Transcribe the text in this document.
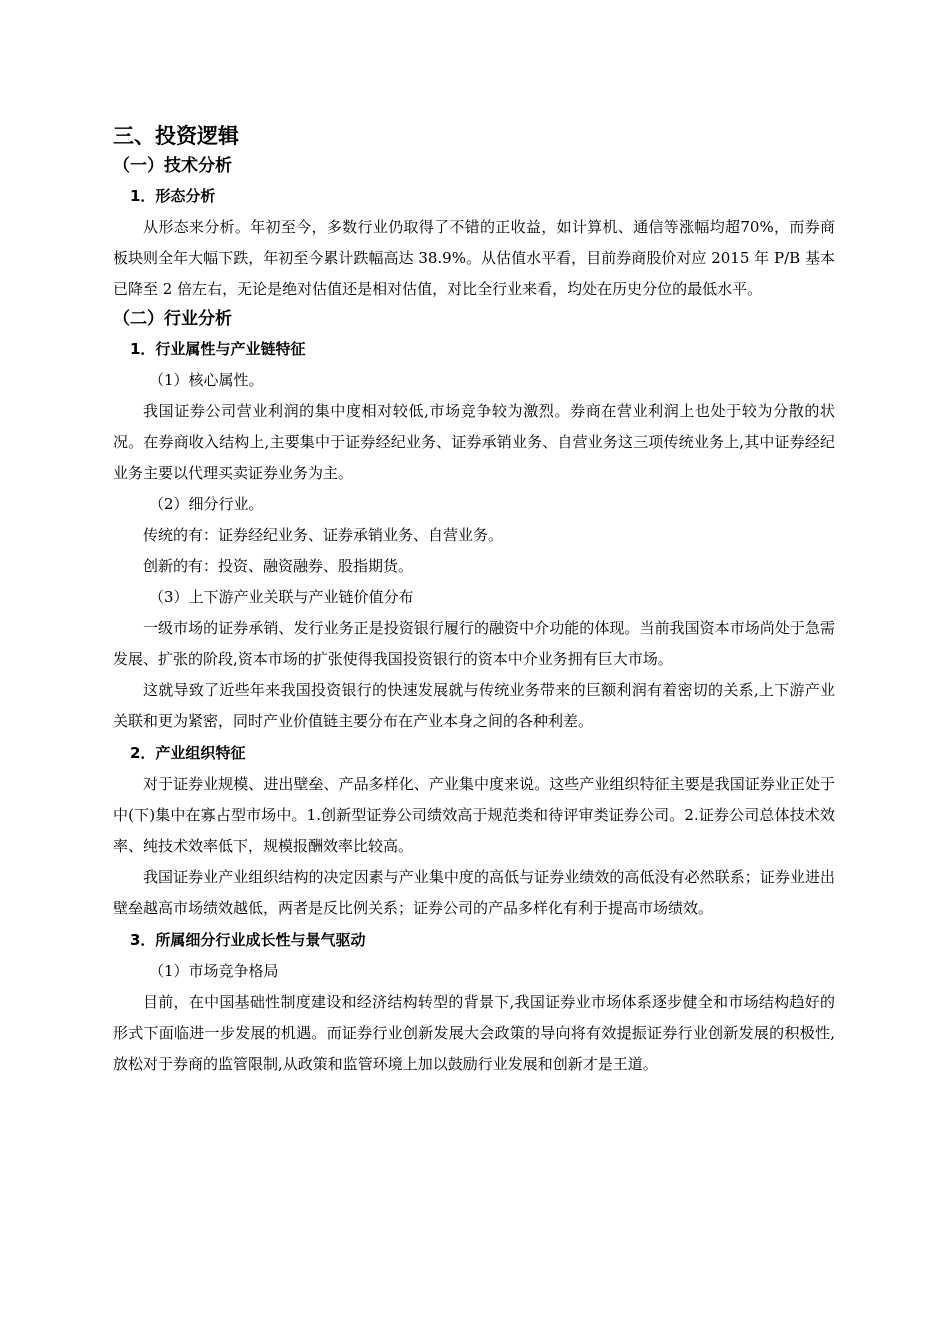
三、投资逻辑
（一）技术分析
1．形态分析

从形态来分析。年初至今，多数行业仍取得了不错的正收益，如计算机、通信等涨幅均超70%，而券商板块则全年大幅下跌，年初至今累计跌幅高达 38.9%。从估值水平看，目前券商股价对应 2015 年 P/B 基本已降至 2 倍左右，无论是绝对估值还是相对估值，对比全行业来看，均处在历史分位的最低水平。

（二）行业分析
1．行业属性与产业链特征
（1）核心属性。

我国证券公司营业利润的集中度相对较低,市场竞争较为激烈。券商在营业利润上也处于较为分散的状况。在券商收入结构上,主要集中于证券经纪业务、证券承销业务、自营业务这三项传统业务上,其中证券经纪业务主要以代理买卖证券业务为主。

（2）细分行业。
传统的有：证券经纪业务、证券承销业务、自营业务。
创新的有：投资、融资融券、股指期货。
（3）上下游产业关联与产业链价值分布

一级市场的证券承销、发行业务正是投资银行履行的融资中介功能的体现。当前我国资本市场尚处于急需发展、扩张的阶段,资本市场的扩张使得我国投资银行的资本中介业务拥有巨大市场。

这就导致了近些年来我国投资银行的快速发展就与传统业务带来的巨额利润有着密切的关系,上下游产业关联和更为紧密，同时产业价值链主要分布在产业本身之间的各种利差。

2．产业组织特征

对于证券业规模、进出壁垒、产品多样化、产业集中度来说。这些产业组织特征主要是我国证券业正处于中(下)集中在寡占型市场中。1.创新型证券公司绩效高于规范类和待评审类证券公司。2.证券公司总体技术效率、纯技术效率低下，规模报酬效率比较高。

我国证券业产业组织结构的决定因素与产业集中度的高低与证券业绩效的高低没有必然联系；证券业进出壁垒越高市场绩效越低，两者是反比例关系；证券公司的产品多样化有利于提高市场绩效。

3．所属细分行业成长性与景气驱动
（1）市场竞争格局

目前，在中国基础性制度建设和经济结构转型的背景下,我国证券业市场体系逐步健全和市场结构趋好的形式下面临进一步发展的机遇。而证券行业创新发展大会政策的导向将有效提振证券行业创新发展的积极性,放松对于券商的监管限制,从政策和监管环境上加以鼓励行业发展和创新才是王道。
